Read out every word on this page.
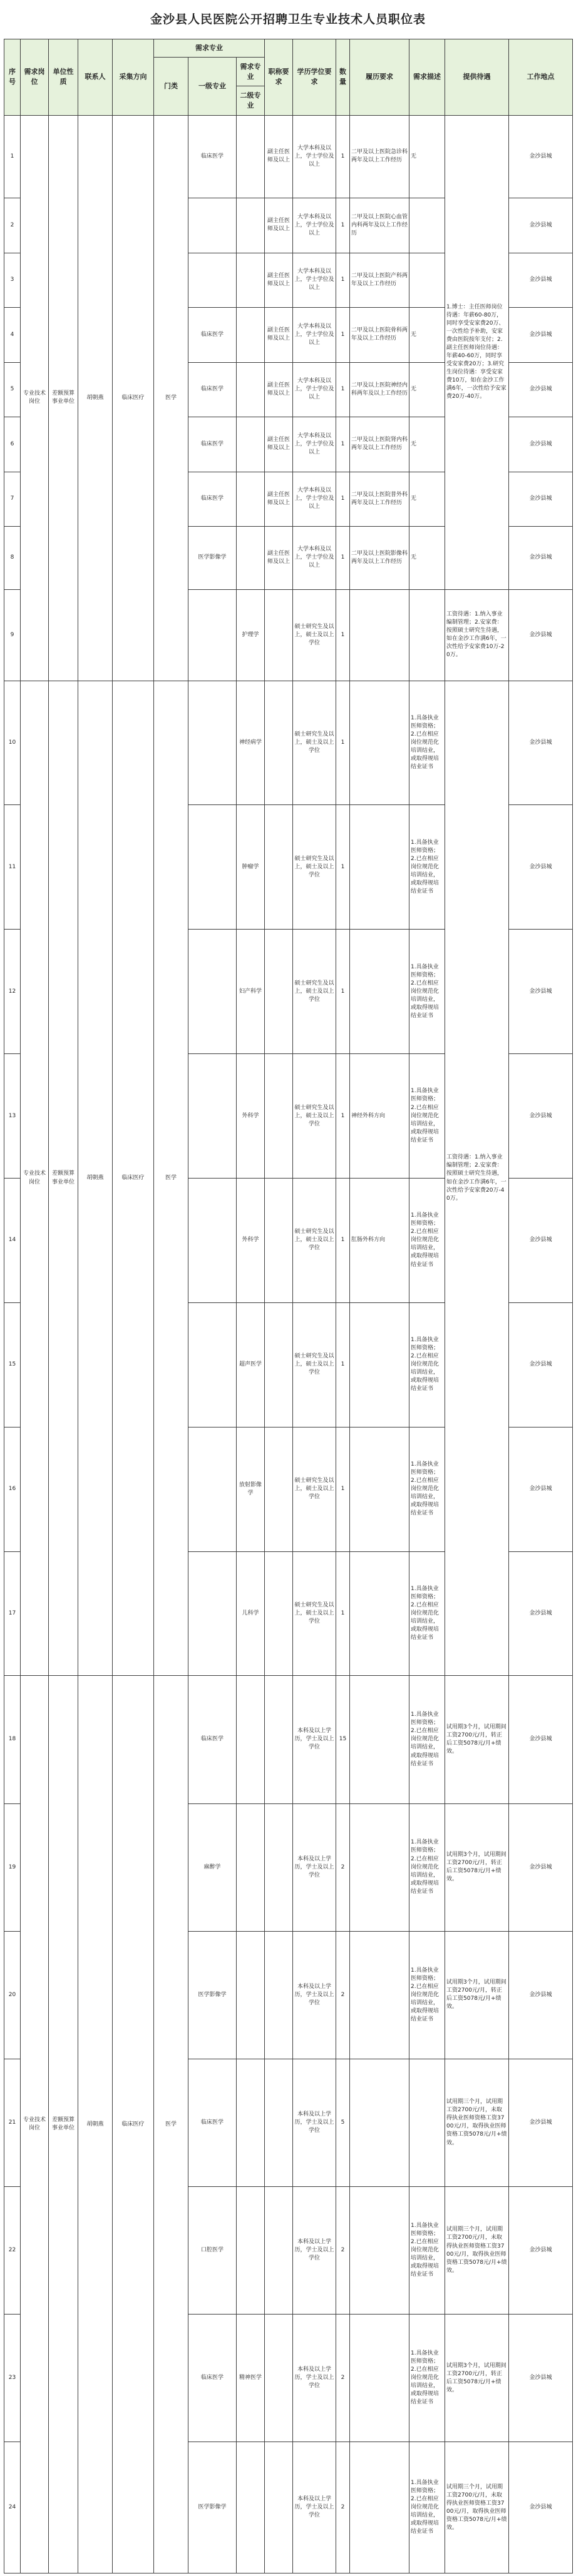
金沙县人民医院公开招聘卫生专业技术人员职位表
序号	需求岗位	单位性质	联系人	采集方向	需求专业			职称要求	学历学位要求	数量	履历要求	需求描述	提供待遇	工作地点
					门类	一级专业	需求专业							
							二级专业							
1	专业技术岗位	差额预算事业单位	胡朝燕	临床医疗	医学	临床医学		副主任医师及以上	大学本科及以上，学士学位及以上	1	二甲及以上医院急诊科两年及以上工作经历	无	1.博士：主任医师岗位待遇：年薪60-80万，同时享受安家费20万、一次性给予补助，安家费由医院按年支付；2.副主任医师岗位待遇：年薪40-60万，同时享受安家费20万；3.研究生岗位待遇：享受安家费10万，如在金沙工作满6年，一次性给予安家费20万-40万。	金沙县城
2								副主任医师及以上	大学本科及以上，学士学位及以上	1	二甲及以上医院心血管内科两年及以上工作经历			金沙县城
3								副主任医师及以上	大学本科及以上，学士学位及以上	1	二甲及以上医院产科两年及以上工作经历			金沙县城
4						临床医学		副主任医师及以上	大学本科及以上，学士学位及以上	1	二甲及以上医院骨科两年及以上工作经历	无		金沙县城
5						临床医学		副主任医师及以上	大学本科及以上，学士学位及以上	1	二甲及以上医院神经内科两年及以上工作经历	无		金沙县城
6						临床医学		副主任医师及以上	大学本科及以上，学士学位及以上	1	二甲及以上医院肾内科两年及以上工作经历	无		金沙县城
7						临床医学		副主任医师及以上	大学本科及以上，学士学位及以上	1	二甲及以上医院普外科两年及以上工作经历	无		金沙县城
8						医学影像学		副主任医师及以上	大学本科及以上，学士学位及以上	1	二甲及以上医院影像科两年及以上工作经历	无		金沙县城
9							护理学		硕士研究生及以上，硕士及以上学位	1			工资待遇：1.纳入事业编制管理；2.安家费：按照硕士研究生待遇，如在金沙工作满6年，一次性给予安家费10万-20万。	金沙县城
10	专业技术岗位	差额预算事业单位	胡朝燕	临床医疗	医学		神经病学		硕士研究生及以上，硕士及以上学位	1		1.具备执业医师资格；2.已在相应岗位规范化培训结业，或取得规培结业证书	工资待遇：1.纳入事业编制管理；2.安家费：按照硕士研究生待遇，如在金沙工作满6年，一次性给予安家费20万-40万。	金沙县城
11							肿瘤学		硕士研究生及以上，硕士及以上学位	1		1.具备执业医师资格；2.已在相应岗位规范化培训结业，或取得规培结业证书		金沙县城
12							妇产科学		硕士研究生及以上，硕士及以上学位	1		1.具备执业医师资格；2.已在相应岗位规范化培训结业，或取得规培结业证书		金沙县城
13							外科学		硕士研究生及以上，硕士及以上学位	1	神经外科方向	1.具备执业医师资格；2.已在相应岗位规范化培训结业，或取得规培结业证书		金沙县城
14							外科学		硕士研究生及以上，硕士及以上学位	1	肛肠外科方向	1.具备执业医师资格；2.已在相应岗位规范化培训结业，或取得规培结业证书		金沙县城
15							超声医学		硕士研究生及以上，硕士及以上学位	1		1.具备执业医师资格；2.已在相应岗位规范化培训结业，或取得规培结业证书		金沙县城
16							放射影像学		硕士研究生及以上，硕士及以上学位	1		1.具备执业医师资格；2.已在相应岗位规范化培训结业，或取得规培结业证书		金沙县城
17							儿科学		硕士研究生及以上，硕士及以上学位	1		1.具备执业医师资格；2.已在相应岗位规范化培训结业，或取得规培结业证书		金沙县城
18	专业技术岗位	差额预算事业单位	胡朝燕	临床医疗	医学	临床医学			本科及以上学历，学士及以上学位	15		1.具备执业医师资格；2.已在相应岗位规范化培训结业，或取得规培结业证书	试用期3个月，试用期间工资2700元/月，转正后工资5078元/月+绩效。	金沙县城
19						麻醉学			本科及以上学历，学士及以上学位	2		1.具备执业医师资格；2.已在相应岗位规范化培训结业，或取得规培结业证书	试用期3个月，试用期间工资2700元/月，转正后工资5078元/月+绩效。	金沙县城
20						医学影像学			本科及以上学历，学士及以上学位	2		1.具备执业医师资格；2.已在相应岗位规范化培训结业，或取得规培结业证书	试用期3个月，试用期间工资2700元/月，转正后工资5078元/月+绩效。	金沙县城
21						临床医学			本科及以上学历，学士及以上学位	5			试用期三个月，试用期工资2700元/月，未取得执业医师资格工资3700元/月，取得执业医师资格工资5078元/月+绩效。	金沙县城
22						口腔医学			本科及以上学历，学士及以上学位	2		1.具备执业医师资格；2.已在相应岗位规范化培训结业，或取得规培结业证书	试用期三个月，试用期工资2700元/月，未取得执业医师资格工资3700元/月，取得执业医师资格工资5078元/月+绩效。	金沙县城
23						临床医学	精神医学		本科及以上学历，学士及以上学位	2		1.具备执业医师资格；2.已在相应岗位规范化培训结业，或取得规培结业证书	试用期3个月，试用期间工资2700元/月，转正后工资5078元/月+绩效。	金沙县城
24						医学影像学			本科及以上学历，学士及以上学位	2		1.具备执业医师资格；2.已在相应岗位规范化培训结业，或取得规培结业证书	试用期三个月，试用期工资2700元/月，未取得执业医师资格工资3700元/月，取得执业医师资格工资5078元/月+绩效。	金沙县城
